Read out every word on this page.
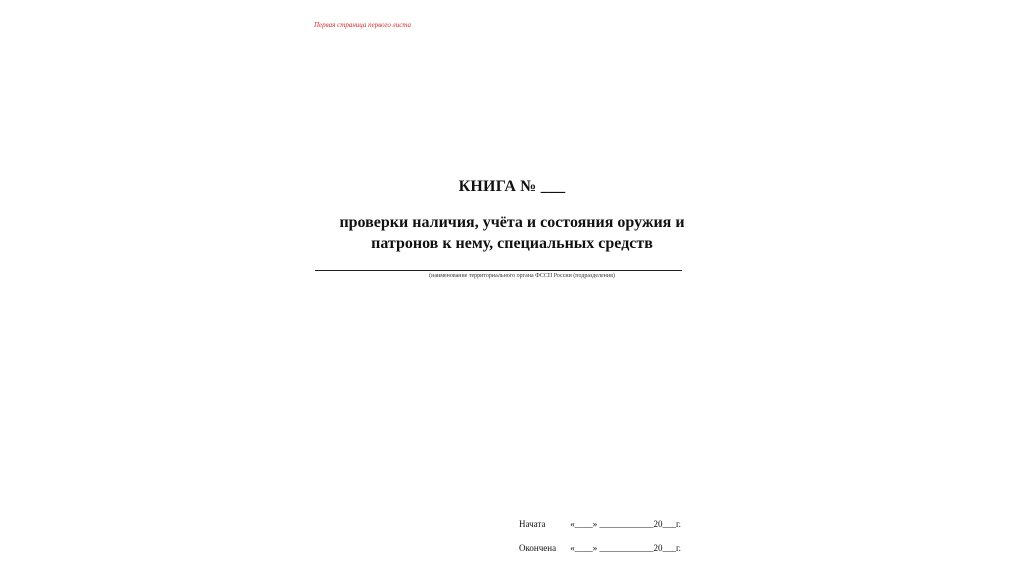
Первая страница первого листа
КНИГА № ___
проверки наличия, учёта и состояния оружия и
патронов к нему, специальных средств
(наименование территориального органа ФССП России (подразделения)
Начата	«____» ____________20___г.
Окончена «____» ____________20___г.
